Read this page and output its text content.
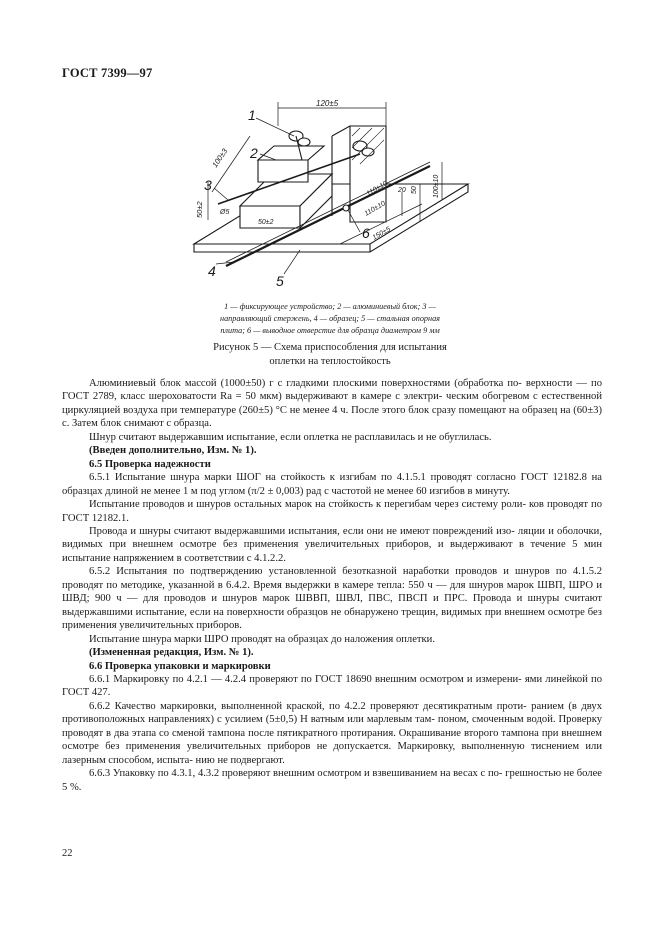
ГОСТ 7399—97
1
2
3
4
5
6
120±5
100±3
50±2 Ø5
50±2
110±10 20 50 100±10
110±10
150±5

1 — фиксирующее устройство; 2 — алюминиевый блок; 3 —

направляющий стержень, 4 — образец; 5 — стальная опорная

плита; 6 — выводное отверстие для образца диаметром 9 мм

Рисунок 5 — Схема приспособления для испытания

оплетки на теплостойкость

Алюминиевый блок массой (1000±50) г с гладкими плоскими поверхностями (обработка по- верхности — по ГОСТ 2789, класс шероховатости Ra = 50 мкм) выдерживают в камере с электри- ческим обогревом с естественной циркуляцией воздуха при температуре (260±5) °С не менее 4 ч. После этого блок сразу помещают на образец на (60±3) с. Затем блок снимают с образца.

Шнур считают выдержавшим испытание, если оплетка не расплавилась и не обуглилась.

(Введен дополнительно, Изм. № 1).

6.5 Проверка надежности

6.5.1 Испытание шнура марки ШОГ на стойкость к изгибам по 4.1.5.1 проводят согласно ГОСТ 12182.8 на образцах длиной не менее 1 м под углом (π/2 ± 0,003) рад с частотой не менее 60 изгибов в минуту.

Испытание проводов и шнуров остальных марок на стойкость к перегибам через систему роли- ков проводят по ГОСТ 12182.1.

Провода и шнуры считают выдержавшими испытания, если они не имеют повреждений изо- ляции и оболочки, видимых при внешнем осмотре без применения увеличительных приборов, и выдерживают в течение 5 мин испытание напряжением в соответствии с 4.1.2.2.

6.5.2 Испытания по подтверждению установленной безотказной наработки проводов и шнуров по 4.1.5.2 проводят по методике, указанной в 6.4.2. Время выдержки в камере тепла: 550 ч — для шнуров марок ШВП, ШРО и ШВД; 900 ч — для проводов и шнуров марок ШВВП, ШВЛ, ПВС, ПВСП и ПРС. Провода и шнуры считают выдержавшими испытание, если на поверхности образцов не обнаружено трещин, видимых при внешнем осмотре без применения увеличительных приборов.

Испытание шнура марки ШРО проводят на образцах до наложения оплетки.

(Измененная редакция, Изм. № 1).

6.6 Проверка упаковки и маркировки

6.6.1 Маркировку по 4.2.1 — 4.2.4 проверяют по ГОСТ 18690 внешним осмотром и измерени- ями линейкой по ГОСТ 427.

6.6.2 Качество маркировки, выполненной краской, по 4.2.2 проверяют десятикратным проти- ранием (в двух противоположных направлениях) с усилием (5±0,5) Н ватным или марлевым там- поном, смоченным водой. Проверку проводят в два этапа со сменой тампона после пятикратного протирания. Окрашивание второго тампона при внешнем осмотре без применения увеличительных приборов не допускается. Маркировку, выполненную тиснением или лазерным способом, испыта- нию не подвергают.

6.6.3 Упаковку по 4.3.1, 4.3.2 проверяют внешним осмотром и взвешиванием на весах с по- грешностью не более 5 %.

22
